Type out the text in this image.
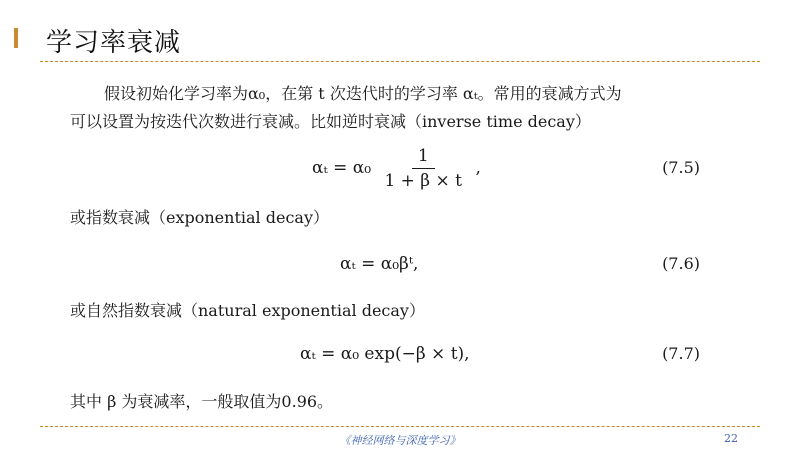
学习率衰减
假设初始化学习率为α₀，在第 t 次迭代时的学习率 αₜ。常用的衰减方式为
可以设置为按迭代次数进行衰减。比如逆时衰减（inverse time decay）
$\alpha_t = \alpha_0 \frac{1}{1 + \beta \times t}$ ,	(7.5)
或指数衰减（exponential decay）
αₜ = α₀βᵗ,	(7.6)
或自然指数衰减（natural exponential decay）
αₜ = α₀ exp(−β × t),	(7.7)
其中 β 为衰减率，一般取值为0.96。
《神经网络与深度学习》	22
